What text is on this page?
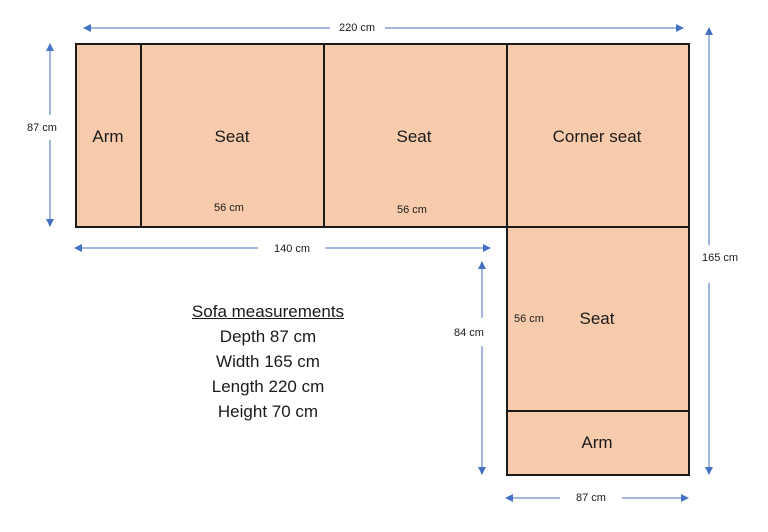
Arm	Seat	Seat	Corner seat
Seat
Arm
220 cm
87 cm
165 cm
140 cm
56 cm	56 cm
84 cm
56 cm
87 cm
Sofa measurements
Depth 87 cm
Width 165 cm
Length 220 cm
Height 70 cm
